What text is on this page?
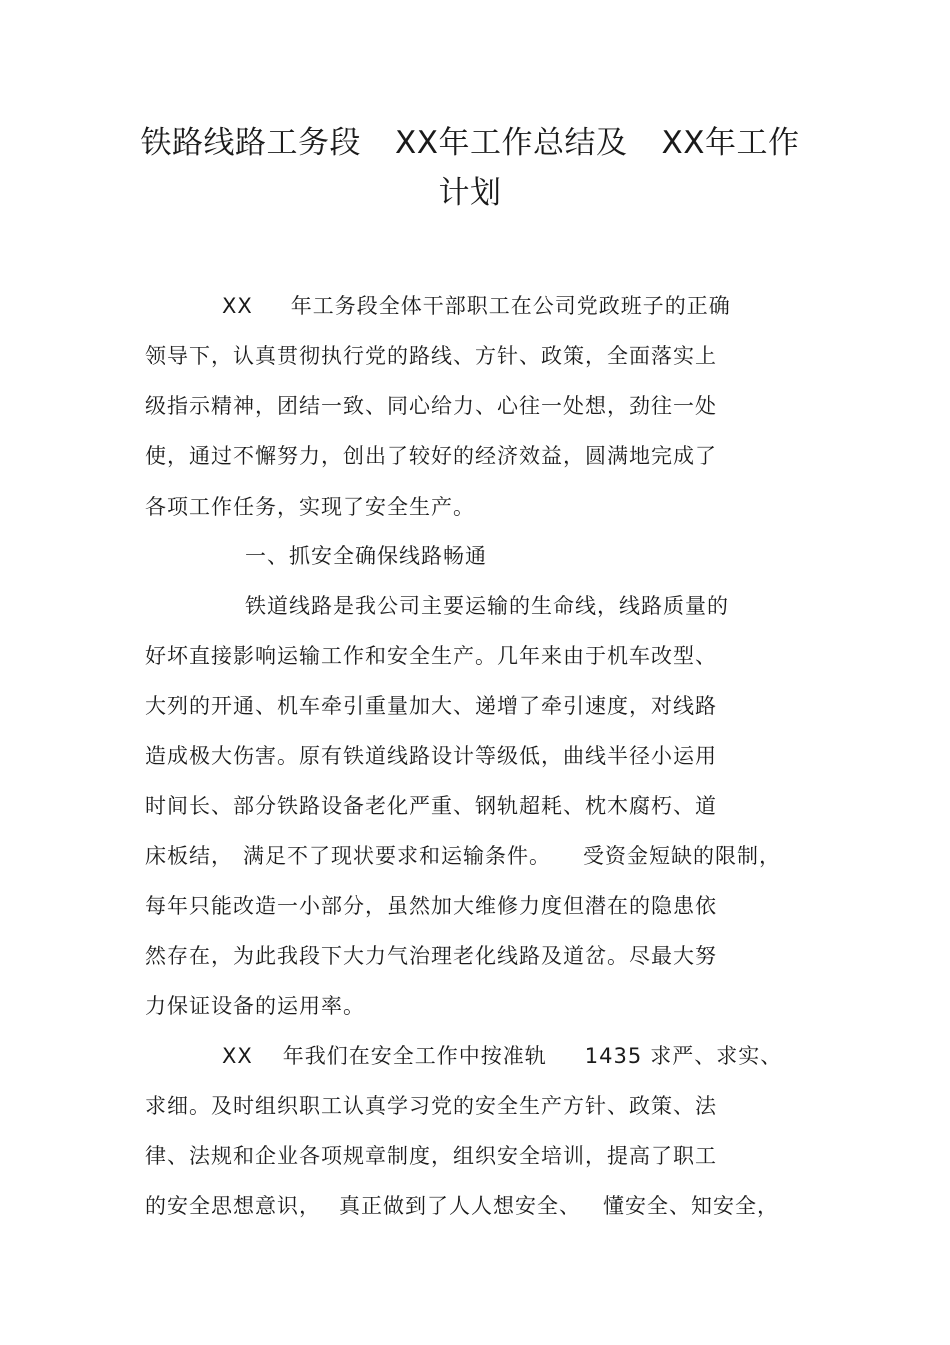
铁路线路工务段 XX年工作总结及 XX年工作
计划
XX 年工务段全体干部职工在公司党政班子的正确
领导下，认真贯彻执行党的路线、方针、政策，全面落实上
级指示精神，团结一致、同心给力、心往一处想，劲往一处
使，通过不懈努力，创出了较好的经济效益，圆满地完成了
各项工作任务，实现了安全生产。
一、抓安全确保线路畅通
铁道线路是我公司主要运输的生命线，线路质量的
好坏直接影响运输工作和安全生产。几年来由于机车改型、
大列的开通、机车牵引重量加大、递增了牵引速度，对线路
造成极大伤害。原有铁道线路设计等级低，曲线半径小运用
时间长、部分铁路设备老化严重、钢轨超耗、枕木腐朽、道
床板结， 满足不了现状要求和运输条件。 受资金短缺的限制，
每年只能改造一小部分，虽然加大维修力度但潜在的隐患依
然存在，为此我段下大力气治理老化线路及道岔。尽最大努
力保证设备的运用率。
XX 年我们在安全工作中按准轨 1435 求严、求实、
求细。及时组织职工认真学习党的安全生产方针、政策、法
律、法规和企业各项规章制度，组织安全培训，提高了职工
的安全思想意识， 真正做到了人人想安全、 懂安全、知安全，
